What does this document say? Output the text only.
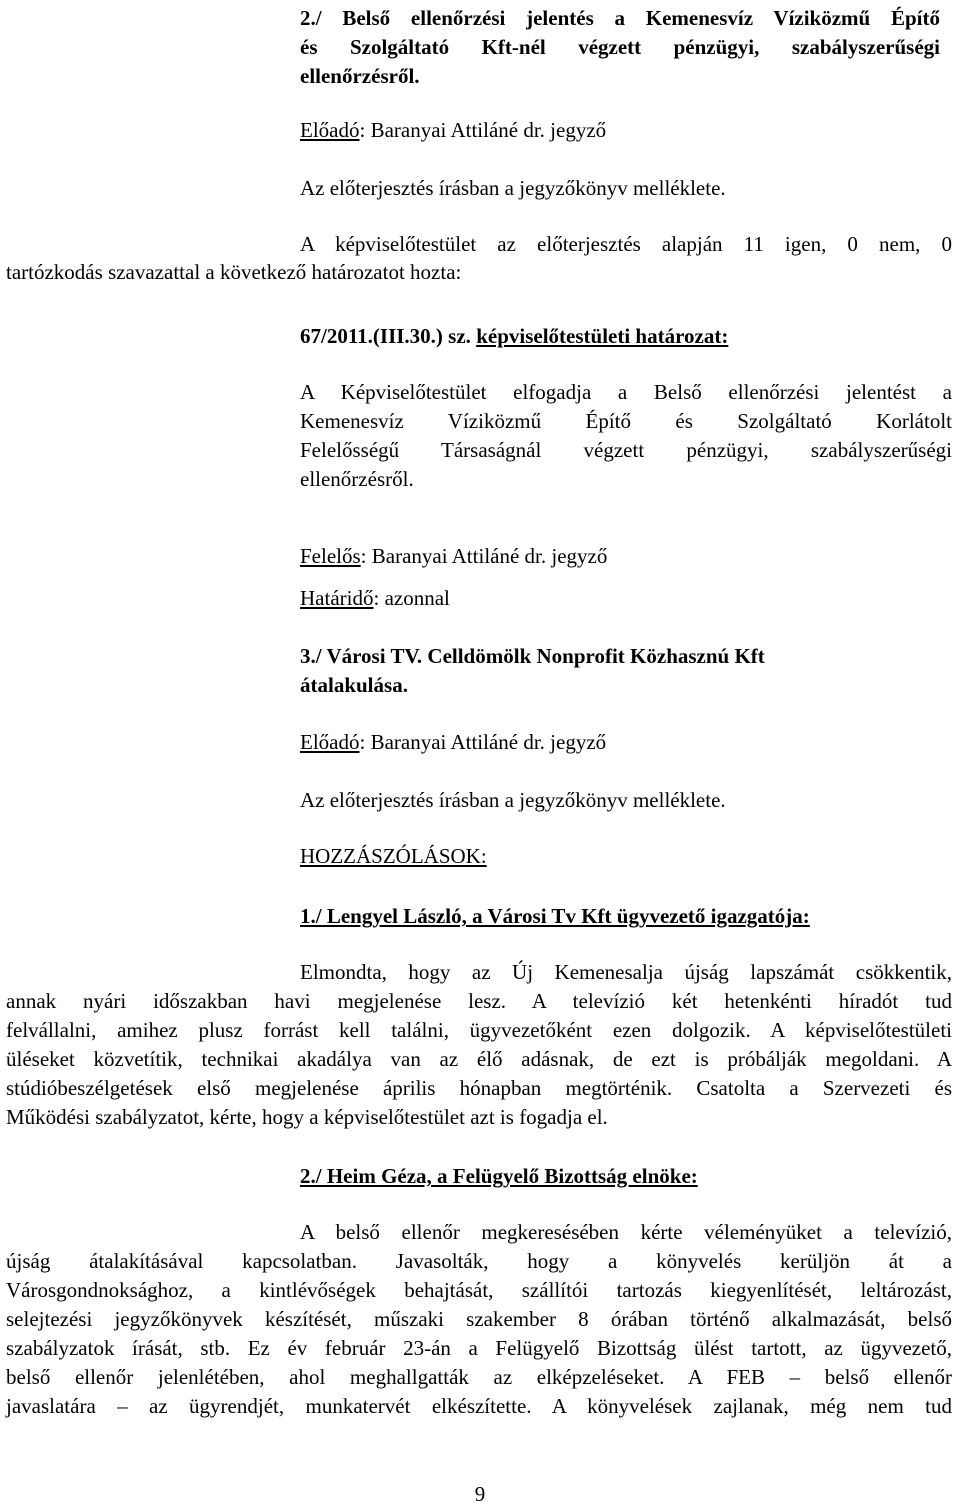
2./ Belső ellenőrzési jelentés a Kemenesvíz Víziközmű Építő
és Szolgáltató Kft-nél végzett pénzügyi, szabályszerűségi
ellenőrzésről.
Előadó: Baranyai Attiláné dr. jegyző
Az előterjesztés írásban a jegyzőkönyv melléklete.
A képviselőtestület az előterjesztés alapján 11 igen, 0 nem, 0
tartózkodás szavazattal a következő határozatot hozta:
67/2011.(III.30.) sz. képviselőtestületi határozat:
A Képviselőtestület elfogadja a Belső ellenőrzési jelentést a
Kemenesvíz Víziközmű Építő és Szolgáltató Korlátolt
Felelősségű Társaságnál végzett pénzügyi, szabályszerűségi
ellenőrzésről.
Felelős: Baranyai Attiláné dr. jegyző
Határidő: azonnal
3./ Városi TV. Celldömölk Nonprofit Közhasznú Kft
átalakulása.
Előadó: Baranyai Attiláné dr. jegyző
Az előterjesztés írásban a jegyzőkönyv melléklete.
HOZZÁSZÓLÁSOK:
1./ Lengyel László, a Városi Tv Kft ügyvezető igazgatója:
Elmondta, hogy az Új Kemenesalja újság lapszámát csökkentik,
annak nyári időszakban havi megjelenése lesz. A televízió két hetenkénti híradót tud
felvállalni, amihez plusz forrást kell találni, ügyvezetőként ezen dolgozik. A képviselőtestületi
üléseket közvetítik, technikai akadálya van az élő adásnak, de ezt is próbálják megoldani. A
stúdióbeszélgetések első megjelenése április hónapban megtörténik. Csatolta a Szervezeti és
Működési szabályzatot, kérte, hogy a képviselőtestület azt is fogadja el.
2./ Heim Géza, a Felügyelő Bizottság elnöke:
A belső ellenőr megkeresésében kérte véleményüket a televízió,
újság átalakításával kapcsolatban. Javasolták, hogy a könyvelés kerüljön át a
Városgondnoksághoz, a kintlévőségek behajtását, szállítói tartozás kiegyenlítését, leltározást,
selejtezési jegyzőkönyvek készítését, műszaki szakember 8 órában történő alkalmazását, belső
szabályzatok írását, stb. Ez év február 23-án a Felügyelő Bizottság ülést tartott, az ügyvezető,
belső ellenőr jelenlétében, ahol meghallgatták az elképzeléseket. A FEB – belső ellenőr
javaslatára – az ügyrendjét, munkatervét elkészítette. A könyvelések zajlanak, még nem tud
9
